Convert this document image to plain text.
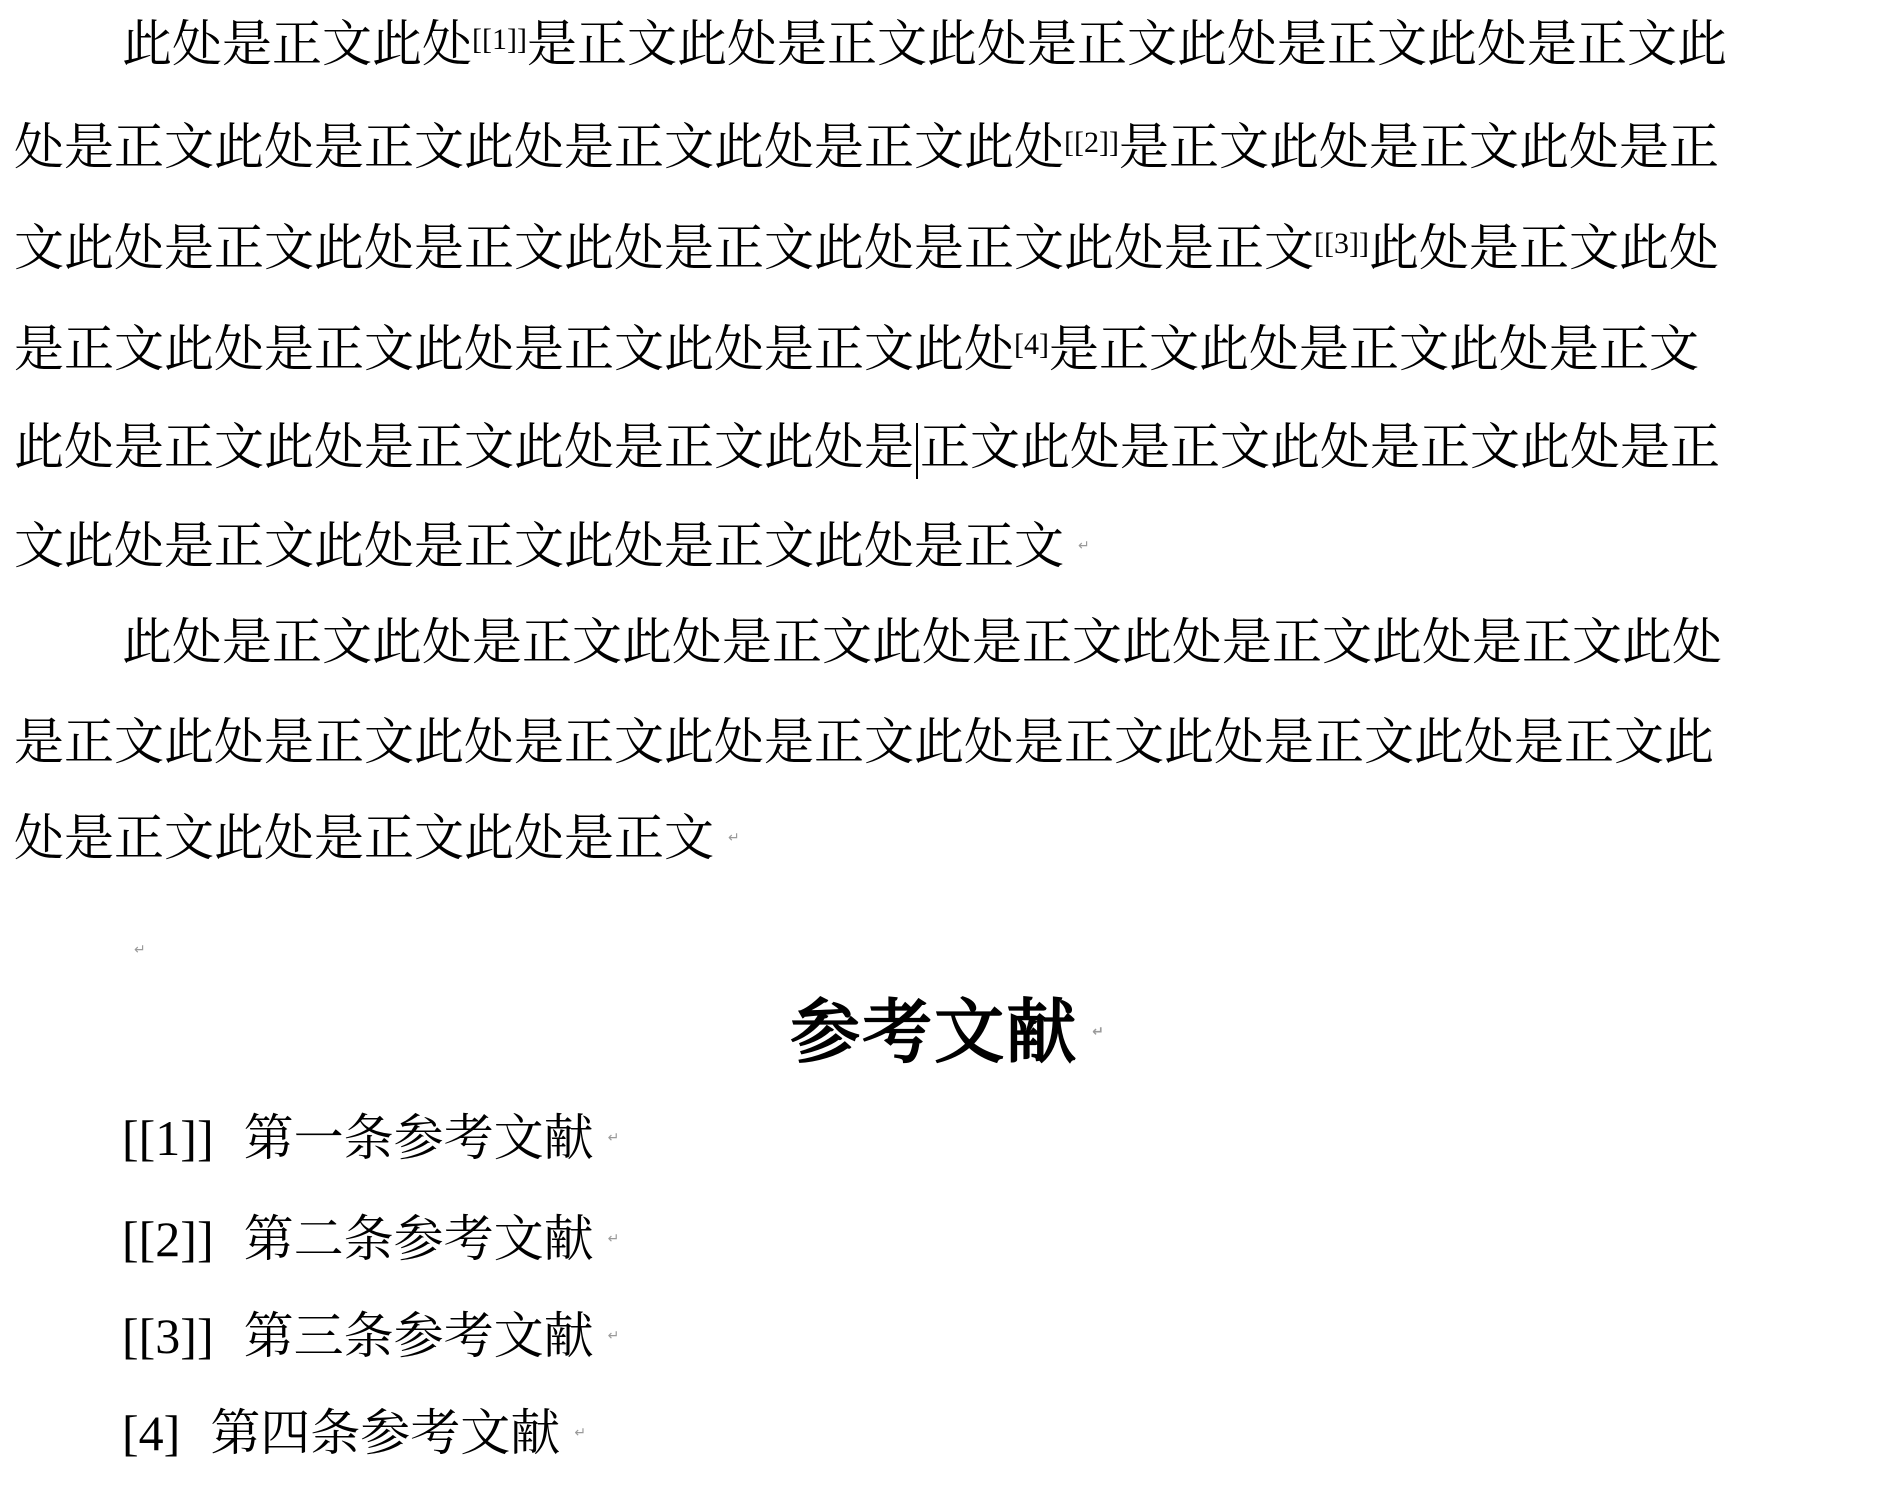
此处是正文此处[[1]]是正文此处是正文此处是正文此处是正文此处是正文此
处是正文此处是正文此处是正文此处是正文此处[[2]]是正文此处是正文此处是正
文此处是正文此处是正文此处是正文此处是正文此处是正文[[3]]此处是正文此处
是正文此处是正文此处是正文此处是正文此处[4]是正文此处是正文此处是正文
此处是正文此处是正文此处是正文此处是 正文此处是正文此处是正文此处是正
文此处是正文此处是正文此处是正文此处是正文 ↵
此处是正文此处是正文此处是正文此处是正文此处是正文此处是正文此处
是正文此处是正文此处是正文此处是正文此处是正文此处是正文此处是正文此
处是正文此处是正文此处是正文 ↵
↵
参考文献 ↵
[[1]] 第一条参考文献 ↵
[[2]] 第二条参考文献 ↵
[[3]] 第三条参考文献 ↵
[4] 第四条参考文献 ↵
